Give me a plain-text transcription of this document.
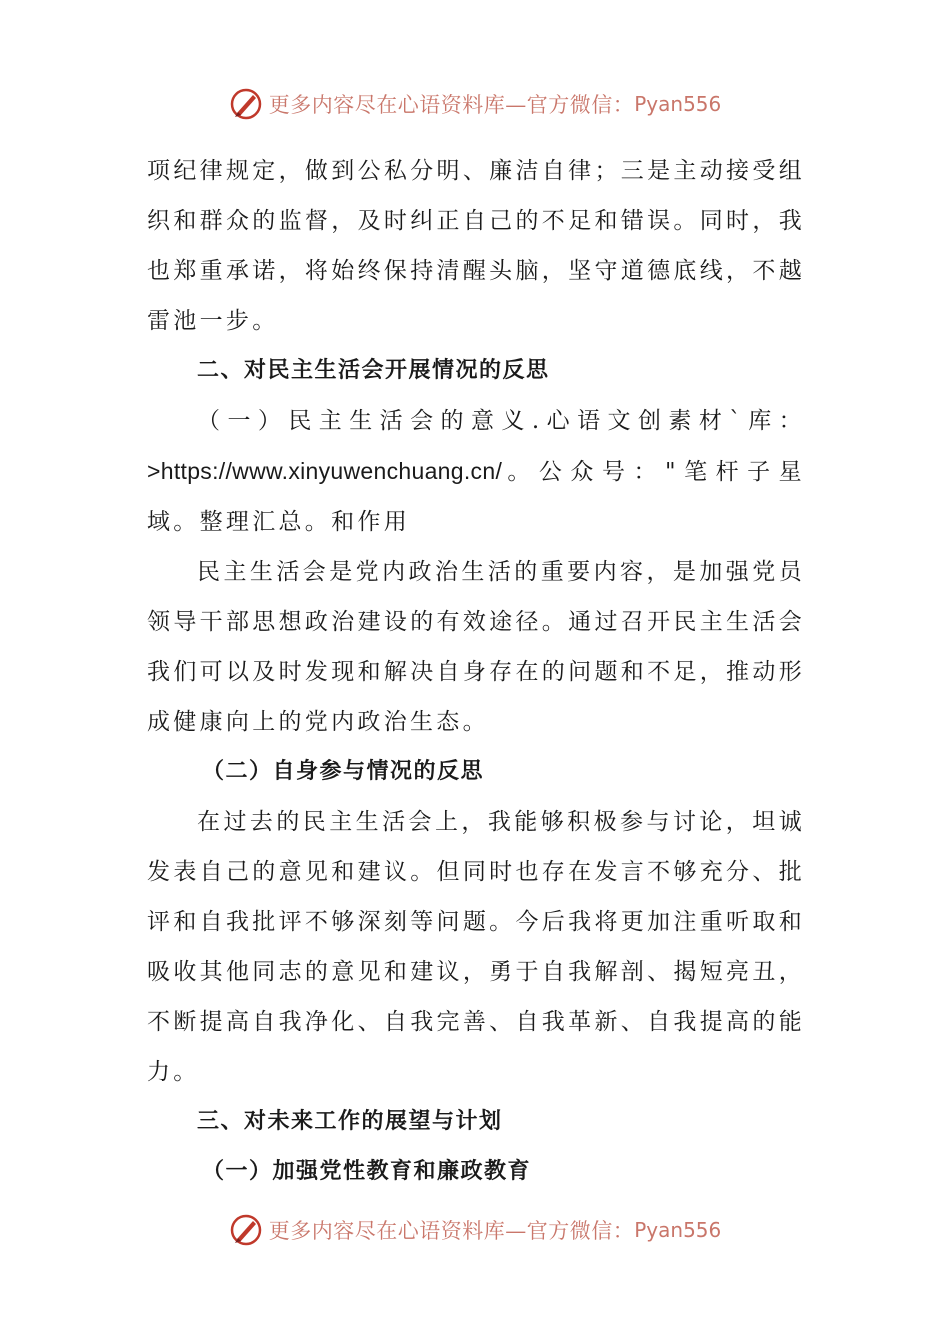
更多内容尽在心语资料库—官方微信： Pyan556

项纪律规定，做到公私分明、廉洁自律；三是主动接受组织和群众的监督，及时纠正自己的不足和错误。同时，我也郑重承诺，将始终保持清醒头脑，坚守道德底线，不越雷池一步。

二、对民主生活会开展情况的反思

（一）民主生活会的意义.心语文创素材`库：>https://www.xinyuwenchuang.cn/。公众号："笔杆子星域。整理汇总。和作用

民主生活会是党内政治生活的重要内容，是加强党员领导干部思想政治建设的有效途径。通过召开民主生活会我们可以及时发现和解决自身存在的问题和不足，推动形成健康向上的党内政治生态。

（二）自身参与情况的反思

在过去的民主生活会上，我能够积极参与讨论，坦诚发表自己的意见和建议。但同时也存在发言不够充分、批评和自我批评不够深刻等问题。今后我将更加注重听取和吸收其他同志的意见和建议，勇于自我解剖、揭短亮丑，不断提高自我净化、自我完善、自我革新、自我提高的能力。

三、对未来工作的展望与计划

（一）加强党性教育和廉政教育

更多内容尽在心语资料库—官方微信： Pyan556
